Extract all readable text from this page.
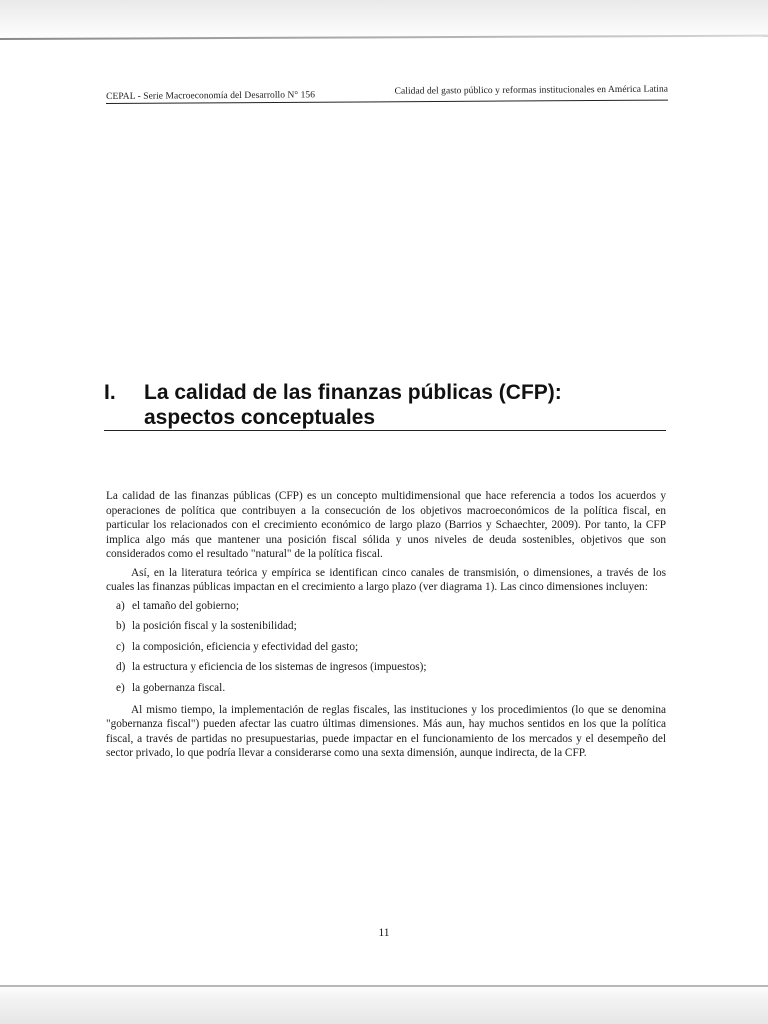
CEPAL - Serie Macroeconomía del Desarrollo N° 156	Calidad del gasto público y reformas institucionales en América Latina
I. La calidad de las finanzas públicas (CFP):
aspectos conceptuales

La calidad de las finanzas públicas (CFP) es un concepto multidimensional que hace referencia a todos los acuerdos y operaciones de política que contribuyen a la consecución de los objetivos macroeconómicos de la política fiscal, en particular los relacionados con el crecimiento económico de largo plazo (Barrios y Schaechter, 2009). Por tanto, la CFP implica algo más que mantener una posición fiscal sólida y unos niveles de deuda sostenibles, objetivos que son considerados como el resultado "natural" de la política fiscal.

Así, en la literatura teórica y empírica se identifican cinco canales de transmisión, o dimensiones, a través de los cuales las finanzas públicas impactan en el crecimiento a largo plazo (ver diagrama 1). Las cinco dimensiones incluyen:

a) el tamaño del gobierno;
b) la posición fiscal y la sostenibilidad;
c) la composición, eficiencia y efectividad del gasto;
d) la estructura y eficiencia de los sistemas de ingresos (impuestos);
e) la gobernanza fiscal.

Al mismo tiempo, la implementación de reglas fiscales, las instituciones y los procedimientos (lo que se denomina "gobernanza fiscal") pueden afectar las cuatro últimas dimensiones. Más aun, hay muchos sentidos en los que la política fiscal, a través de partidas no presupuestarias, puede impactar en el funcionamiento de los mercados y el desempeño del sector privado, lo que podría llevar a considerarse como una sexta dimensión, aunque indirecta, de la CFP.

11
